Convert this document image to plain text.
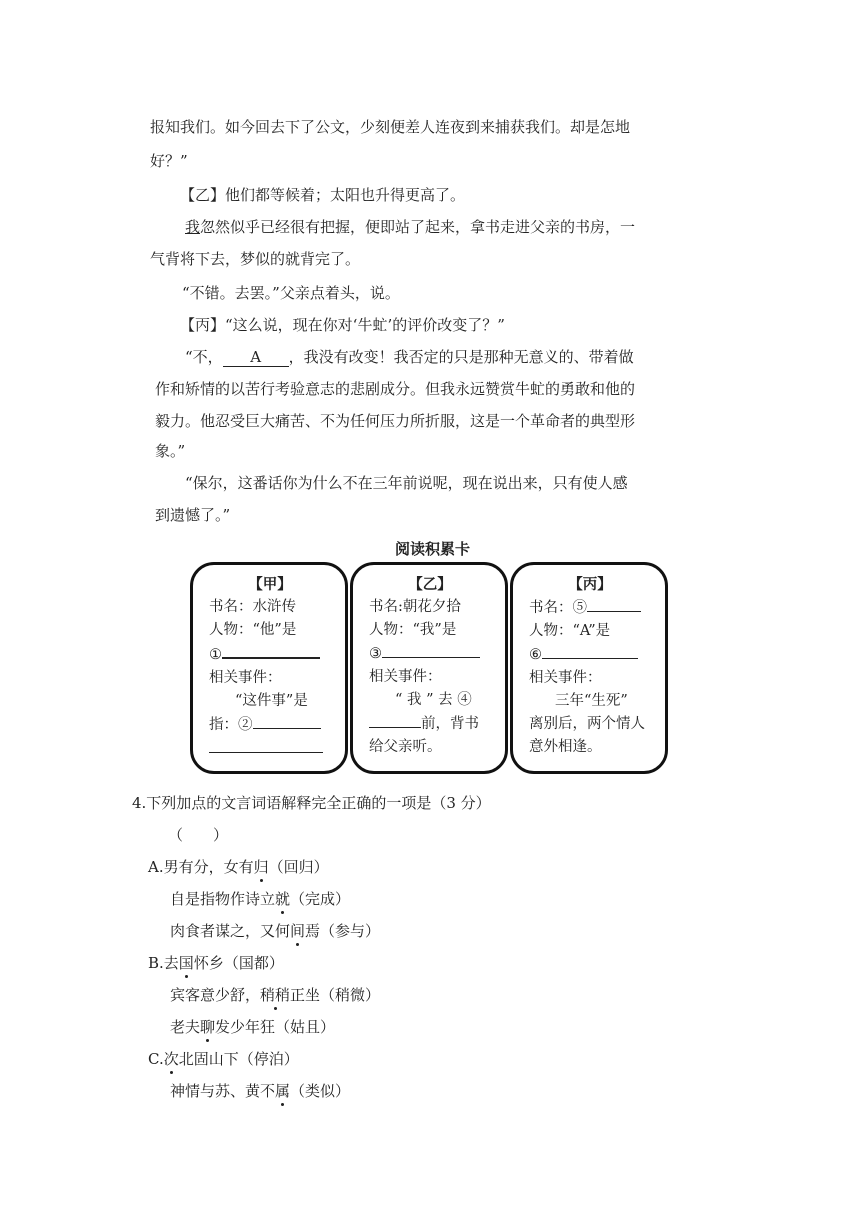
报知我们。如今回去下了公文，少刻便差人连夜到来捕获我们。却是怎地
好？”
【乙】他们都等候着；太阳也升得更高了。
我忽然似乎已经很有把握，便即站了起来，拿书走进父亲的书房，一
气背将下去，梦似的就背完了。
“不错。去罢。”父亲点着头，说。
【丙】“这么说，现在你对‘牛虻’的评价改变了？”
“不， A ，我没有改变！我否定的只是那种无意义的、带着做
作和矫情的以苦行考验意志的悲剧成分。但我永远赞赏牛虻的勇敢和他的
毅力。他忍受巨大痛苦、不为任何压力所折服，这是一个革命者的典型形
象。”
“保尔，这番话你为什么不在三年前说呢，现在说出来，只有使人感
到遗憾了。”
阅读积累卡
【甲】
书名：水浒传
人物：“他”是
①
相关事件：
“这件事”是
指：②
【乙】
书名:朝花夕拾
人物：“我”是
③
相关事件：
“ 我 ” 去 ④
前，背书
给父亲听。
【丙】
书名：⑤
人物：“A”是
⑥
相关事件：
三年“生死”
离别后，两个情人
意外相逢。
4.下列加点的文言词语解释完全正确的一项是（3 分）
（　　）
A.男有分，女有归（回归）
自是指物作诗立就（完成）
肉食者谋之，又何间焉（参与）
B.去国怀乡（国都）
宾客意少舒，稍稍正坐（稍微）
老夫聊发少年狂（姑且）
C.次北固山下（停泊）
神情与苏、黄不属（类似）
